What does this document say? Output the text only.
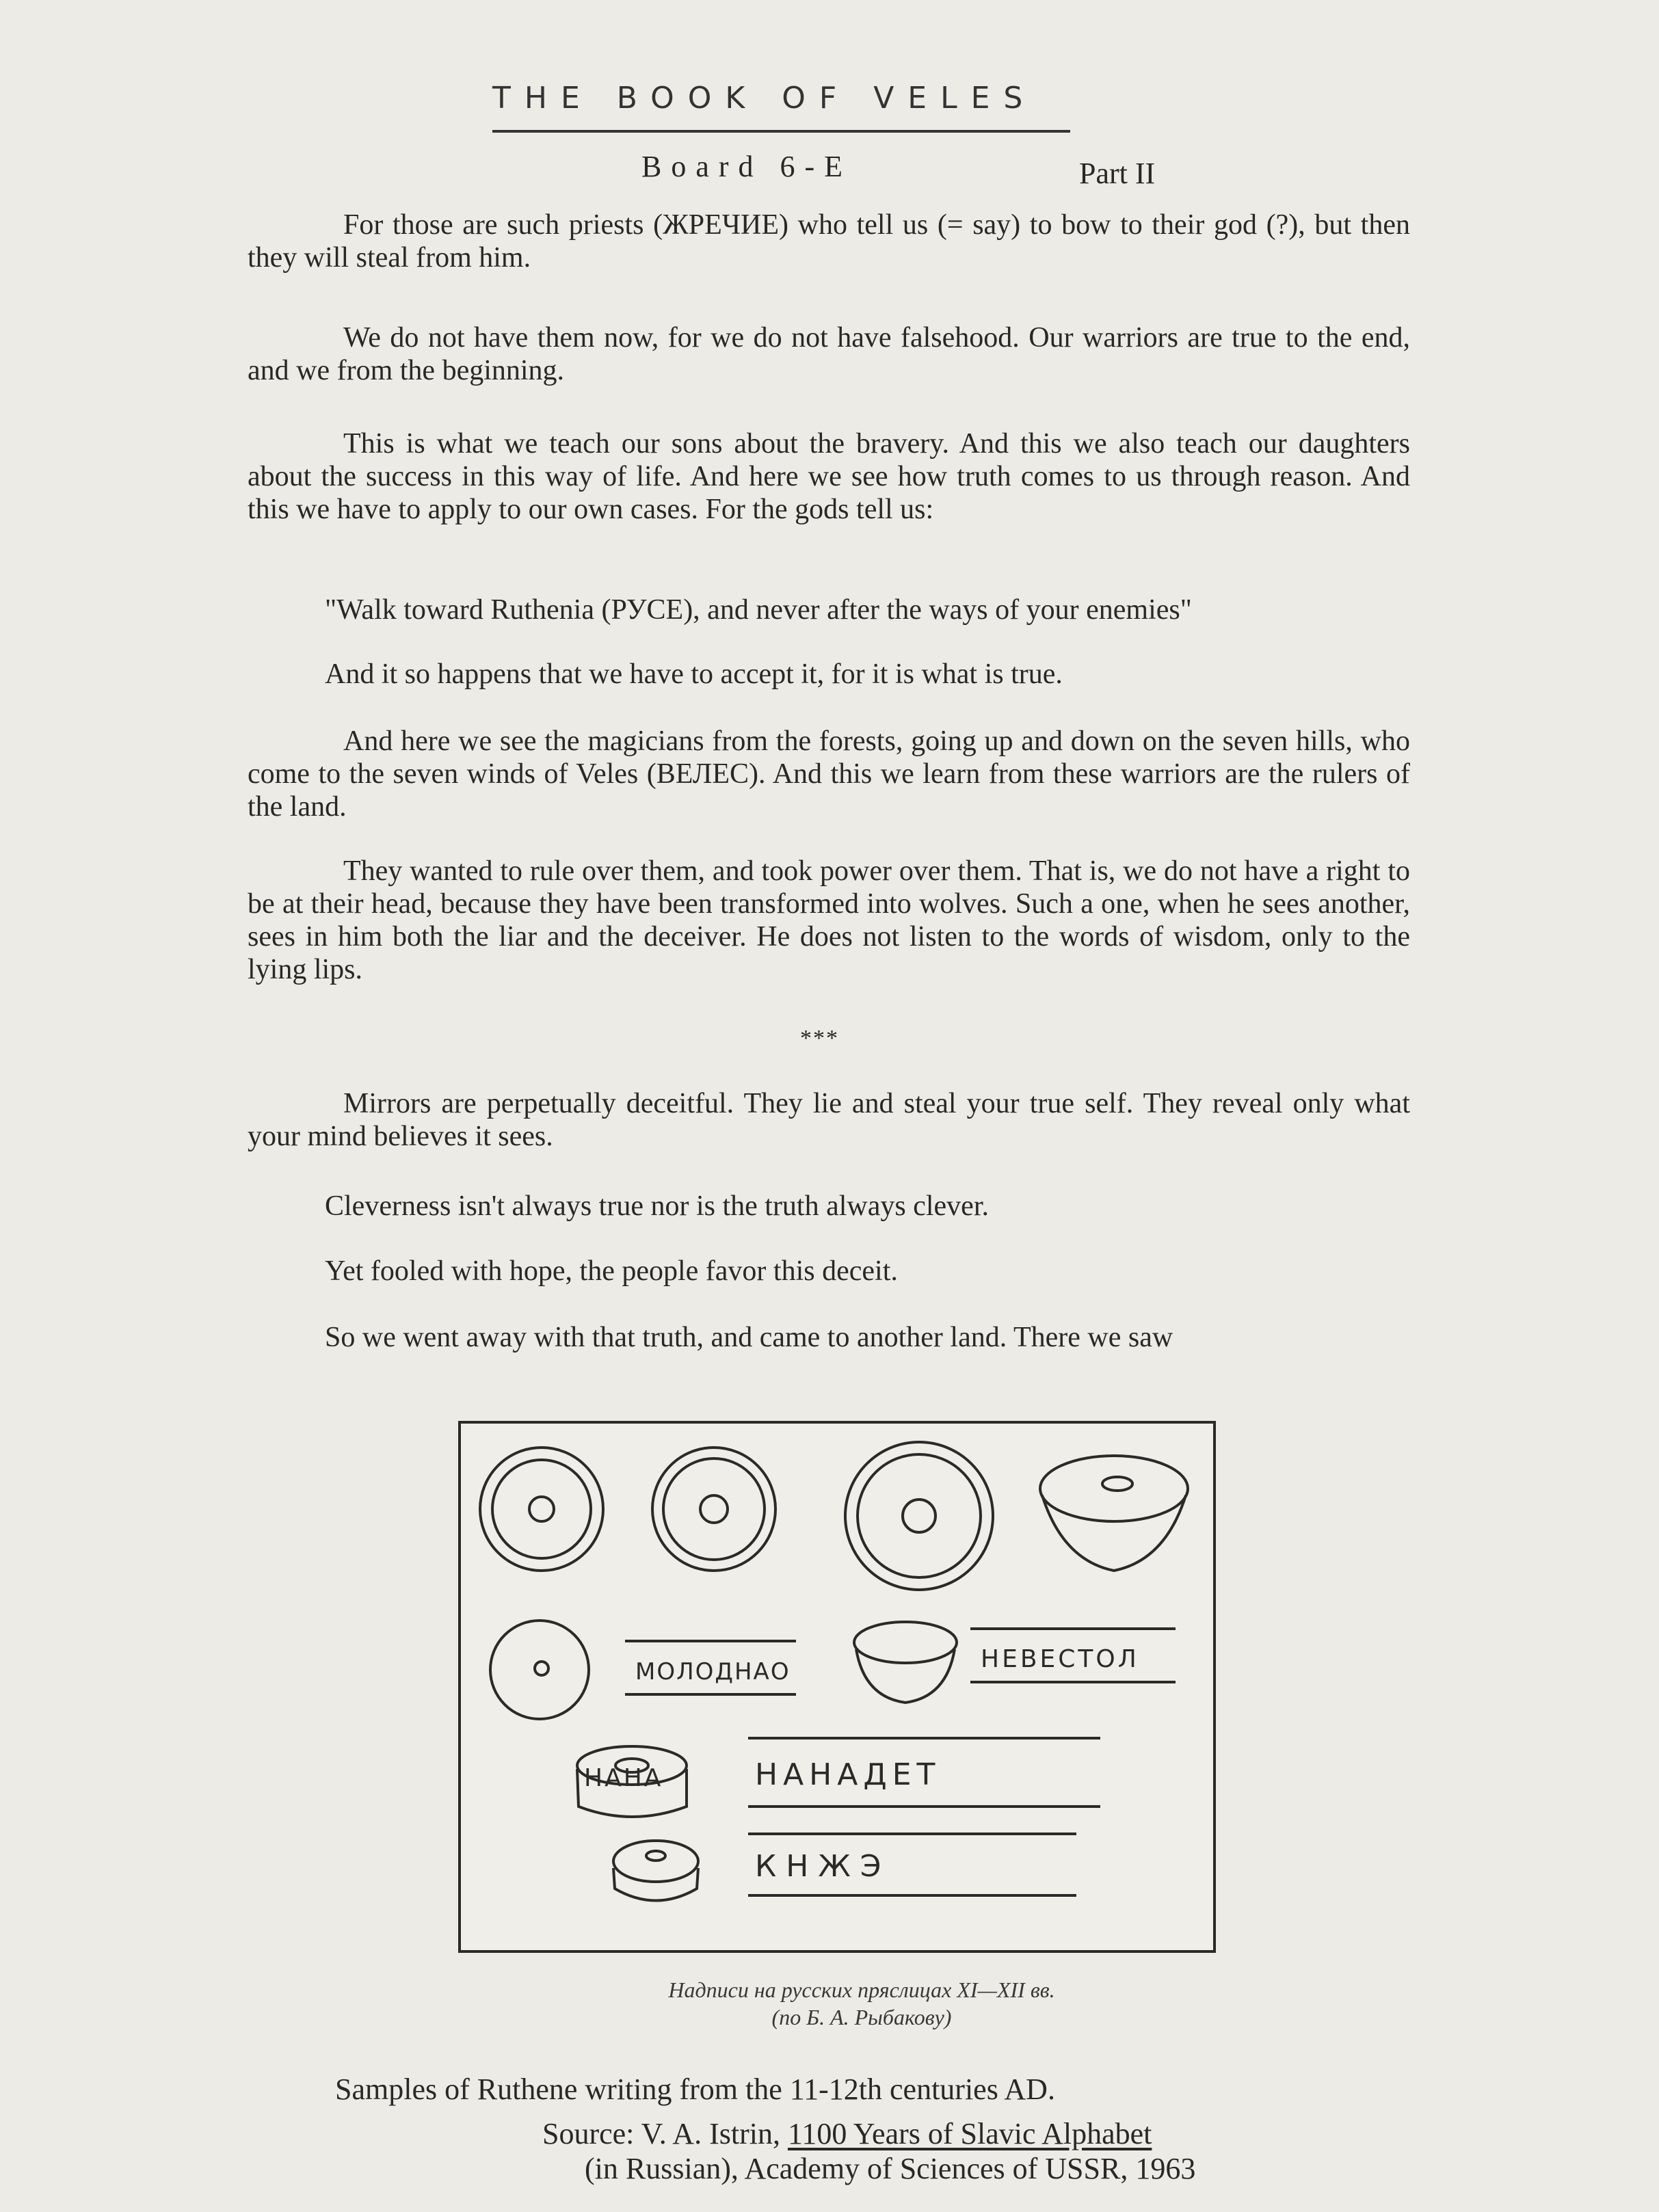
THE BOOK OF VELES
Board 6-E	Part II

For those are such priests (ЖРЕЧИЕ) who tell us (= say) to bow to their god (?), but then they will steal from him.

We do not have them now, for we do not have falsehood. Our warriors are true to the end, and we from the beginning.

This is what we teach our sons about the bravery. And this we also teach our daughters about the success in this way of life. And here we see how truth comes to us through reason. And this we have to apply to our own cases. For the gods tell us:

"Walk toward Ruthenia (РУСЕ), and never after the ways of your enemies"
And it so happens that we have to accept it, for it is what is true.

And here we see the magicians from the forests, going up and down on the seven hills, who come to the seven winds of Veles (ВЕЛЕС). And this we learn from these warriors are the rulers of the land.

They wanted to rule over them, and took power over them. That is, we do not have a right to be at their head, because they have been transformed into wolves. Such a one, when he sees another, sees in him both the liar and the deceiver. He does not listen to the words of wisdom, only to the lying lips.

***

Mirrors are perpetually deceitful. They lie and steal your true self. They reveal only what your mind believes it sees.

Cleverness isn't always true nor is the truth always clever.
Yet fooled with hope, the people favor this deceit.
So we went away with that truth, and came to another land. There we saw
МОЛОДНАО	НЕВЕСТОЛ
НАНА	НАНАДЕТ
КНЖЭ
Надписи на русских пряслицах XI—XII вв.
(по Б. А. Рыбакову)
Samples of Ruthene writing from the 11-12th centuries AD.
Source: V. A. Istrin, 1100 Years of Slavic Alphabet
(in Russian), Academy of Sciences of USSR, 1963
